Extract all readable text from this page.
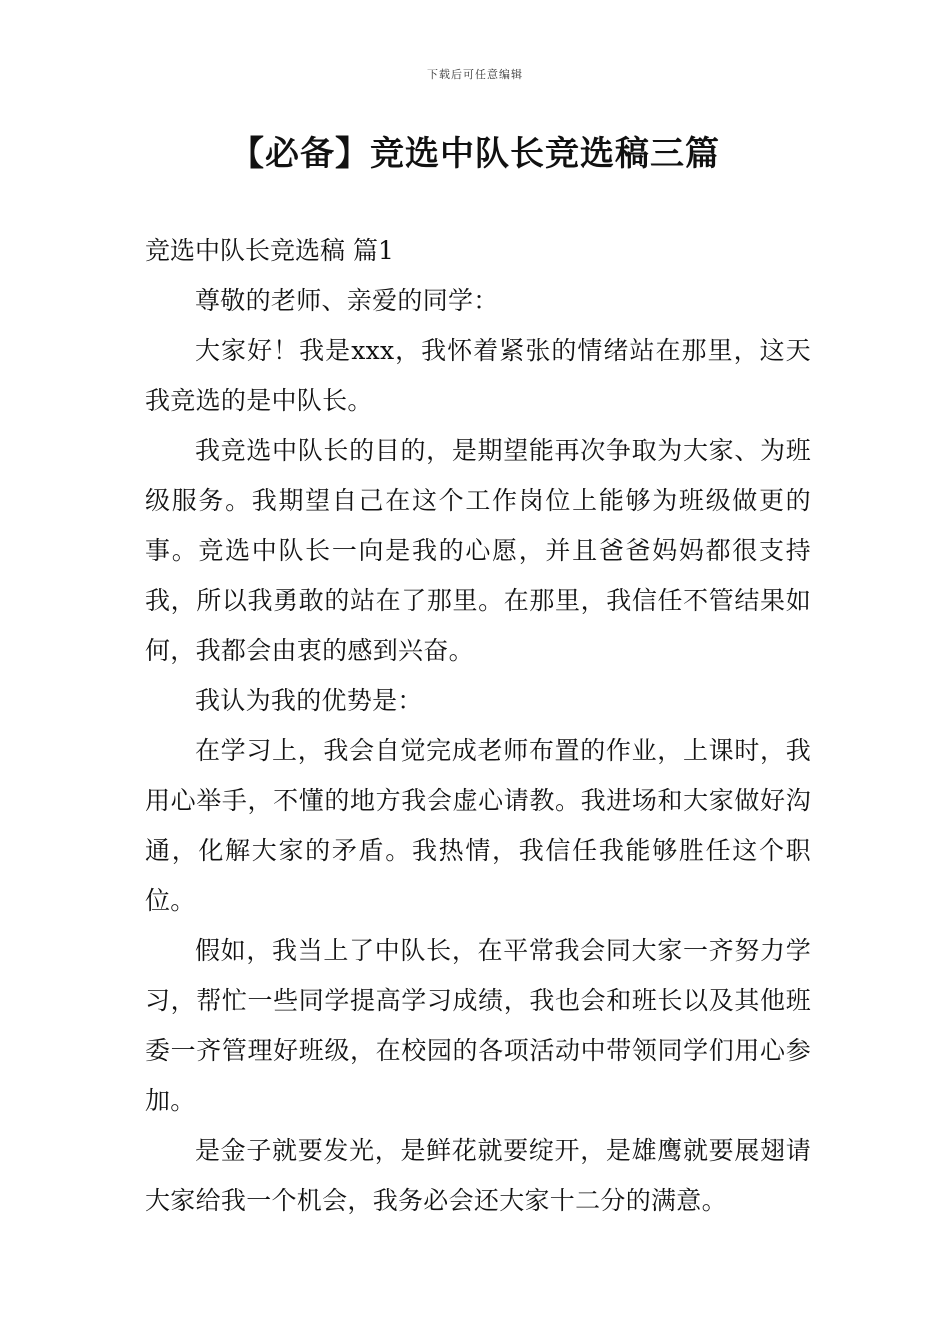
下载后可任意编辑
【必备】竞选中队长竞选稿三篇

竞选中队长竞选稿 篇1

尊敬的老师、亲爱的同学：

大家好！我是xxx，我怀着紧张的情绪站在那里，这天我竞选的是中队长。

我竞选中队长的目的，是期望能再次争取为大家、为班级服务。我期望自己在这个工作岗位上能够为班级做更的事。竞选中队长一向是我的心愿，并且爸爸妈妈都很支持我，所以我勇敢的站在了那里。在那里，我信任不管结果如何，我都会由衷的感到兴奋。

我认为我的优势是：

在学习上，我会自觉完成老师布置的作业，上课时，我用心举手，不懂的地方我会虚心请教。我进场和大家做好沟通，化解大家的矛盾。我热情，我信任我能够胜任这个职位。

假如，我当上了中队长，在平常我会同大家一齐努力学习，帮忙一些同学提高学习成绩，我也会和班长以及其他班委一齐管理好班级，在校园的各项活动中带领同学们用心参加。

是金子就要发光，是鲜花就要绽开，是雄鹰就要展翅请大家给我一个机会，我务必会还大家十二分的满意。
